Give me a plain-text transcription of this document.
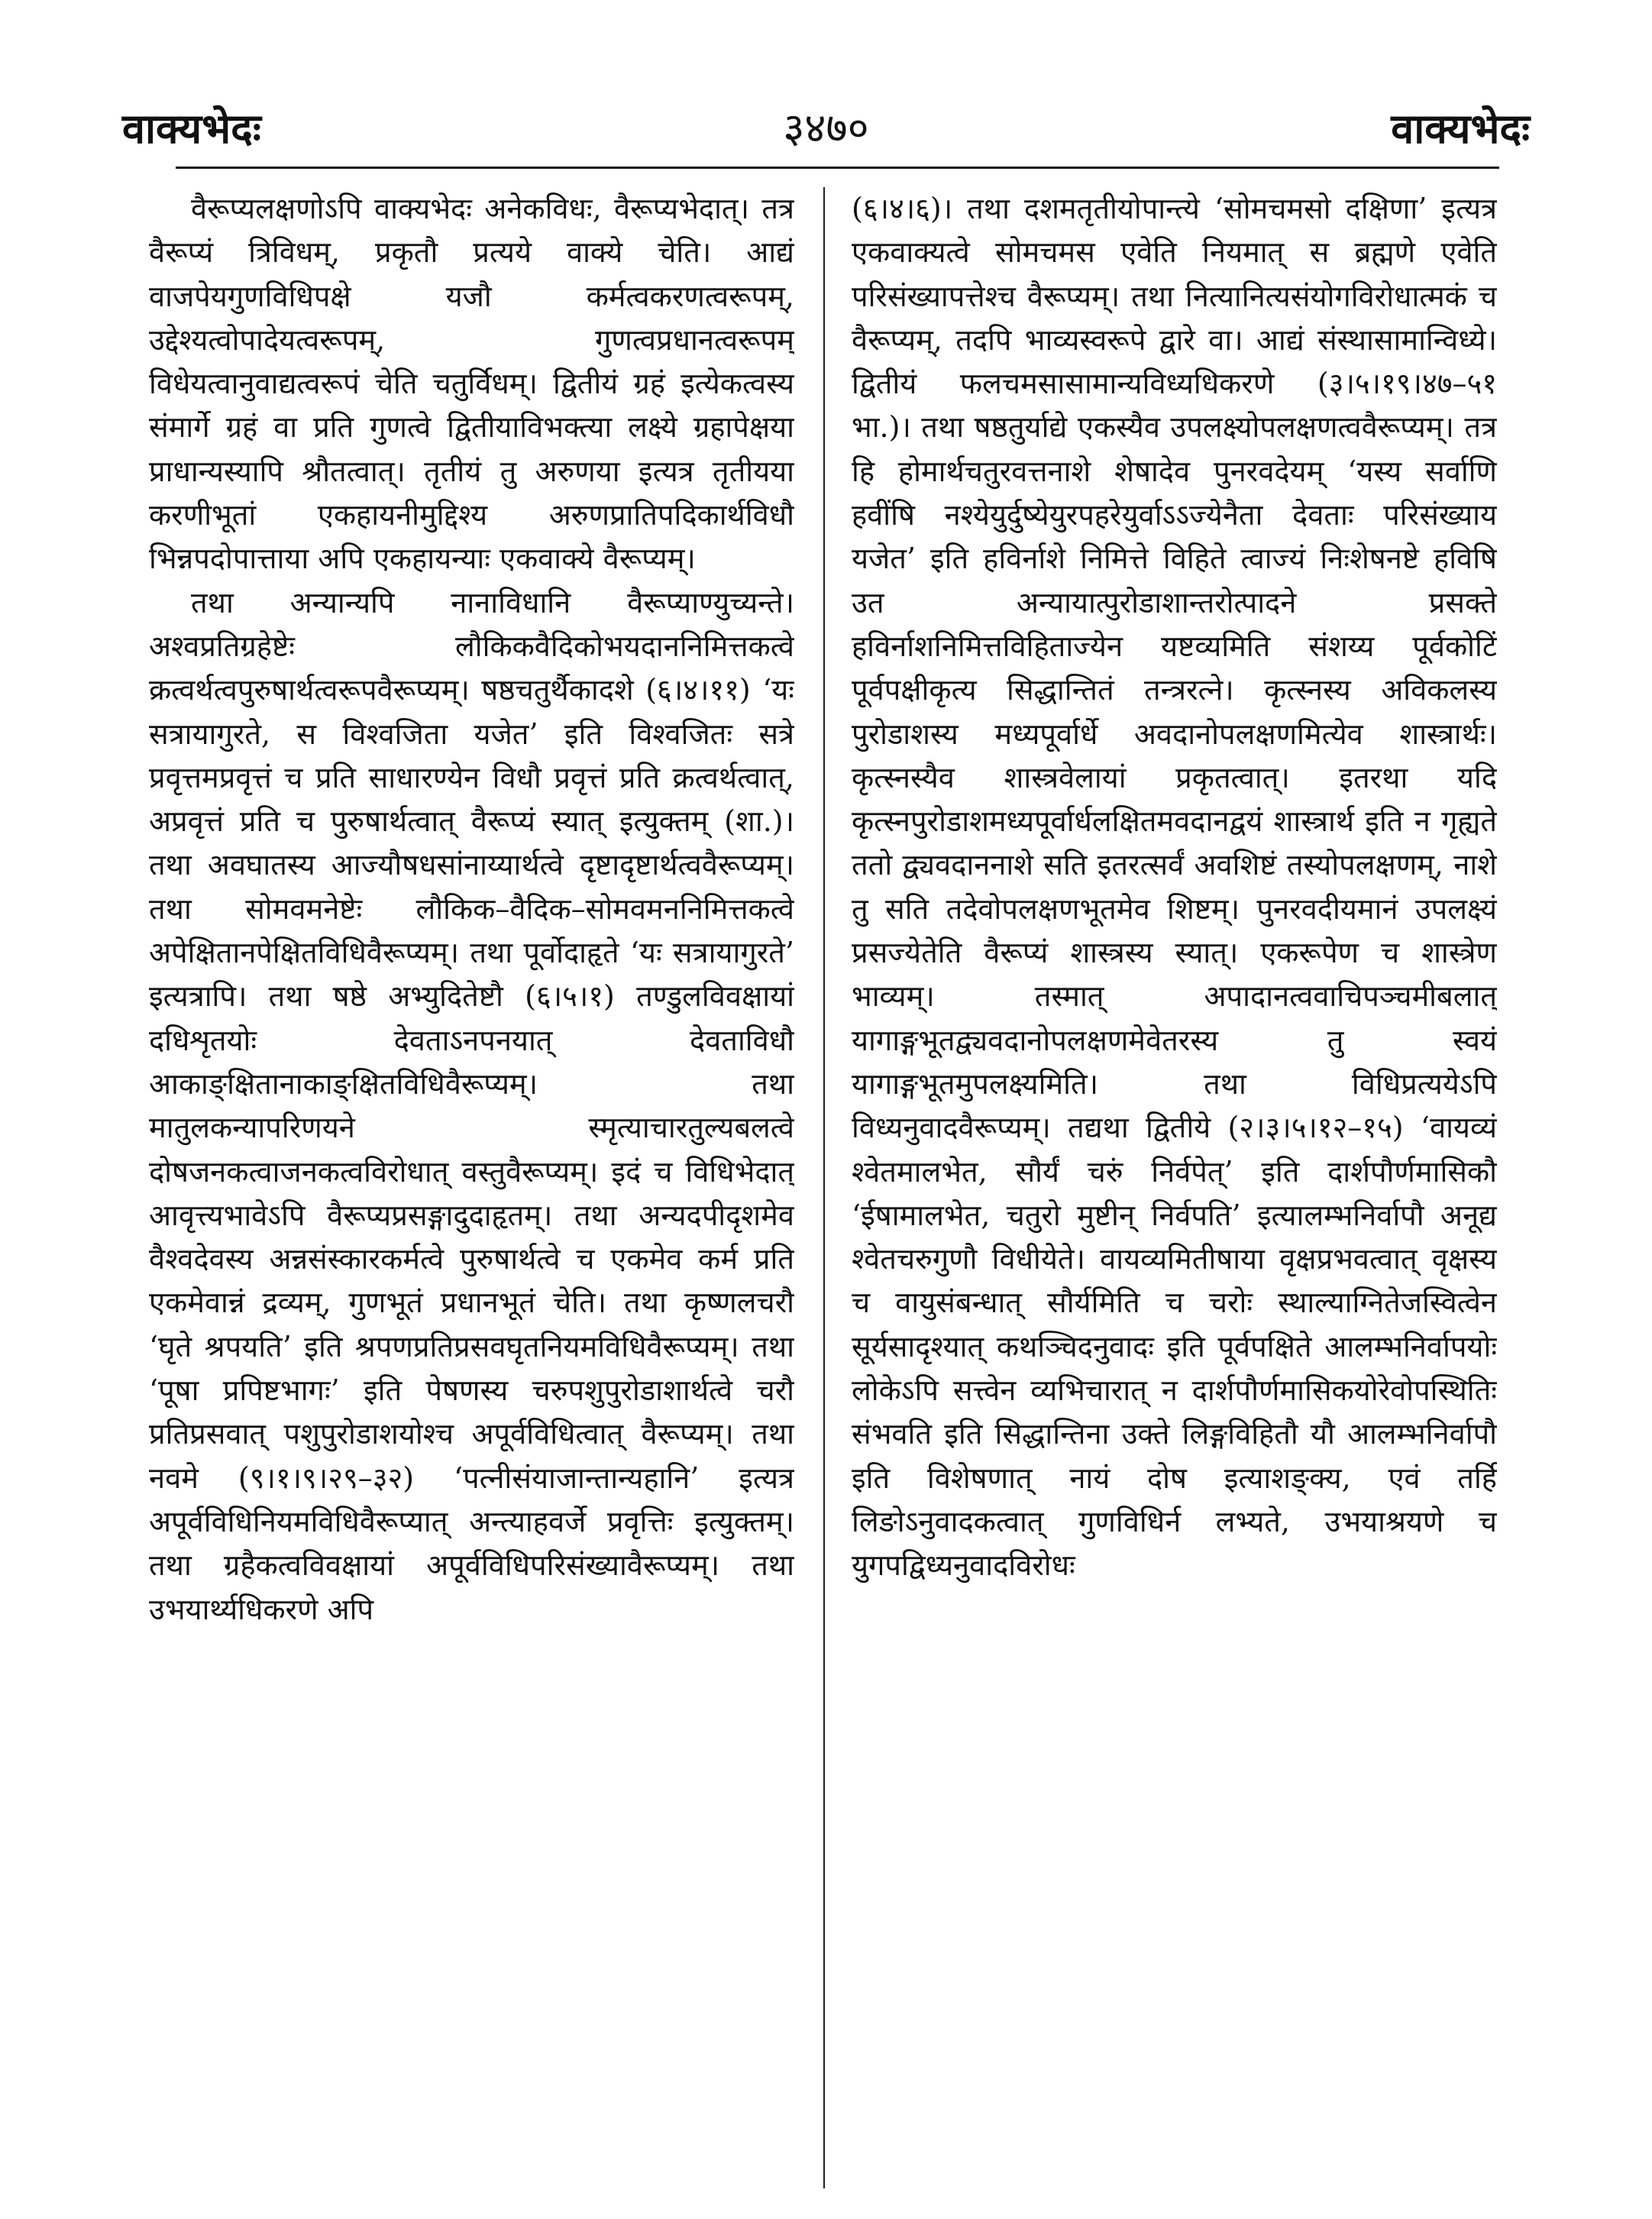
वाक्यभेदः	३४७०	वाक्यभेदः

वैरूप्यलक्षणोऽपि वाक्यभेदः अनेकविधः, वैरूप्यभेदात्। तत्र वैरूप्यं त्रिविधम्, प्रकृतौ प्रत्यये वाक्ये चेति। आद्यं वाजपेयगुणविधिपक्षे यजौ कर्मत्वकरणत्वरूपम्, उद्देश्यत्वोपादेयत्वरूपम्, गुणत्वप्रधानत्वरूपम् विधेयत्वानुवाद्यत्वरूपं चेति चतुर्विधम्। द्वितीयं ग्रहं इत्येकत्वस्य संमार्गे ग्रहं वा प्रति गुणत्वे द्वितीयाविभक्त्या लक्ष्ये ग्रहापेक्षया प्राधान्यस्यापि श्रौतत्वात्। तृतीयं तु अरुणया इत्यत्र तृतीयया करणीभूतां एकहायनीमुद्दिश्य अरुणप्रातिपदिकार्थविधौ भिन्नपदोपात्ताया अपि एकहायन्याः एकवाक्ये वैरूप्यम्।

तथा अन्यान्यपि नानाविधानि वैरूप्याण्युच्यन्ते। अश्वप्रतिग्रहेष्टेः लौकिकवैदिकोभयदाननिमित्तकत्वे क्रत्वर्थत्वपुरुषार्थत्वरूपवैरूप्यम्। षष्ठचतुर्थैकादशे (६।४।११) ‘यः सत्रायागुरते, स विश्वजिता यजेत’ इति विश्वजितः सत्रे प्रवृत्तमप्रवृत्तं च प्रति साधारण्येन विधौ प्रवृत्तं प्रति क्रत्वर्थत्वात्, अप्रवृत्तं प्रति च पुरुषार्थत्वात् वैरूप्यं स्यात् इत्युक्तम् (शा.)। तथा अवघातस्य आज्यौषधसांनाय्यार्थत्वे दृष्टादृष्टार्थत्ववैरूप्यम्। तथा सोमवमनेष्टेः लौकिक–वैदिक–सोमवमननिमित्तकत्वे अपेक्षितानपेक्षितविधिवैरूप्यम्। तथा पूर्वोदाहृते ‘यः सत्रायागुरते’ इत्यत्रापि। तथा षष्ठे अभ्युदितेष्टौ (६।५।१) तण्डुलविवक्षायां दधिशृतयोः देवताऽनपनयात् देवताविधौ आकाङ्क्षितानाकाङ्क्षितविधिवैरूप्यम्। तथा मातुलकन्यापरिणयने स्मृत्याचारतुल्यबलत्वे दोषजनकत्वाजनकत्वविरोधात् वस्तुवैरूप्यम्। इदं च विधिभेदात् आवृत्त्यभावेऽपि वैरूप्यप्रसङ्गादुदाहृतम्। तथा अन्यदपीदृशमेव वैश्वदेवस्य अन्नसंस्कारकर्मत्वे पुरुषार्थत्वे च एकमेव कर्म प्रति एकमेवान्नं द्रव्यम्, गुणभूतं प्रधानभूतं चेति। तथा कृष्णलचरौ ‘घृते श्रपयति’ इति श्रपणप्रतिप्रसवघृतनियमविधिवैरूप्यम्। तथा ‘पूषा प्रपिष्टभागः’ इति पेषणस्य चरुपशुपुरोडाशार्थत्वे चरौ प्रतिप्रसवात् पशुपुरोडाशयोश्च अपूर्वविधित्वात् वैरूप्यम्। तथा नवमे (९।१।९।२९–३२) ‘पत्नीसंयाजान्तान्यहानि’ इत्यत्र अपूर्वविधिनियमविधिवैरूप्यात् अन्त्याहवर्जे प्रवृत्तिः इत्युक्तम्। तथा ग्रहैकत्वविवक्षायां अपूर्वविधिपरिसंख्यावैरूप्यम्। तथा उभयार्थ्यधिकरणे अपि

(६।४।६)। तथा दशमतृतीयोपान्त्ये ‘सोमचमसो दक्षिणा’ इत्यत्र एकवाक्यत्वे सोमचमस एवेति नियमात् स ब्रह्मणे एवेति परिसंख्यापत्तेश्च वैरूप्यम्। तथा नित्यानित्यसंयोगविरोधात्मकं च वैरूप्यम्, तदपि भाव्यस्वरूपे द्वारे वा। आद्यं संस्थासामान्विध्ये। द्वितीयं फलचमसासामान्यविध्यधिकरणे (३।५।१९।४७–५१ भा.)। तथा षष्ठतुर्याद्ये एकस्यैव उपलक्ष्योपलक्षणत्ववैरूप्यम्। तत्र हि होमार्थचतुरवत्तनाशे शेषादेव पुनरवदेयम् ‘यस्य सर्वाणि हवींषि नश्येयुर्दुष्येयुरपहरेयुर्वाऽऽज्येनैता देवताः परिसंख्याय यजेत’ इति हविर्नाशे निमित्ते विहिते त्वाज्यं निःशेषनष्टे हविषि उत अन्यायात्पुरोडाशान्तरोत्पादने प्रसक्ते हविर्नाशनिमित्तविहिताज्येन यष्टव्यमिति संशय्य पूर्वकोटिं पूर्वपक्षीकृत्य सिद्धान्तितं तन्त्ररत्ने। कृत्स्नस्य अविकलस्य पुरोडाशस्य मध्यपूर्वार्धे अवदानोपलक्षणमित्येव शास्त्रार्थः। कृत्स्नस्यैव शास्त्रवेलायां प्रकृतत्वात्। इतरथा यदि कृत्स्नपुरोडाशमध्यपूर्वार्धलक्षितमवदानद्वयं शास्त्रार्थ इति न गृह्यते ततो द्व्यवदाननाशे सति इतरत्सर्वं अवशिष्टं तस्योपलक्षणम्, नाशे तु सति तदेवोपलक्षणभूतमेव शिष्टम्। पुनरवदीयमानं उपलक्ष्यं प्रसज्येतेति वैरूप्यं शास्त्रस्य स्यात्। एकरूपेण च शास्त्रेण भाव्यम्। तस्मात् अपादानत्ववाचिपञ्चमीबलात् यागाङ्गभूतद्व्यवदानोपलक्षणमेवेतरस्य तु स्वयं यागाङ्गभूतमुपलक्ष्यमिति। तथा विधिप्रत्ययेऽपि विध्यनुवादवैरूप्यम्। तद्यथा द्वितीये (२।३।५।१२–१५) ‘वायव्यं श्वेतमालभेत, सौर्यं चरुं निर्वपेत्’ इति दार्शपौर्णमासिकौ ‘ईषामालभेत, चतुरो मुष्टीन् निर्वपति’ इत्यालम्भनिर्वापौ अनूद्य श्वेतचरुगुणौ विधीयेते। वायव्यमितीषाया वृक्षप्रभवत्वात् वृक्षस्य च वायुसंबन्धात् सौर्यमिति च चरोः स्थाल्याग्नितेजस्वित्वेन सूर्यसादृश्यात् कथञ्चिदनुवादः इति पूर्वपक्षिते आलम्भनिर्वापयोः लोकेऽपि सत्त्वेन व्यभिचारात् न दार्शपौर्णमासिकयोरेवोपस्थितिः संभवति इति सिद्धान्तिना उक्ते लिङ्गविहितौ यौ आलम्भनिर्वापौ इति विशेषणात् नायं दोष इत्याशङ्क्य, एवं तर्हि लिङोऽनुवादकत्वात् गुणविधिर्न लभ्यते, उभयाश्रयणे च युगपद्विध्यनुवादविरोधः
